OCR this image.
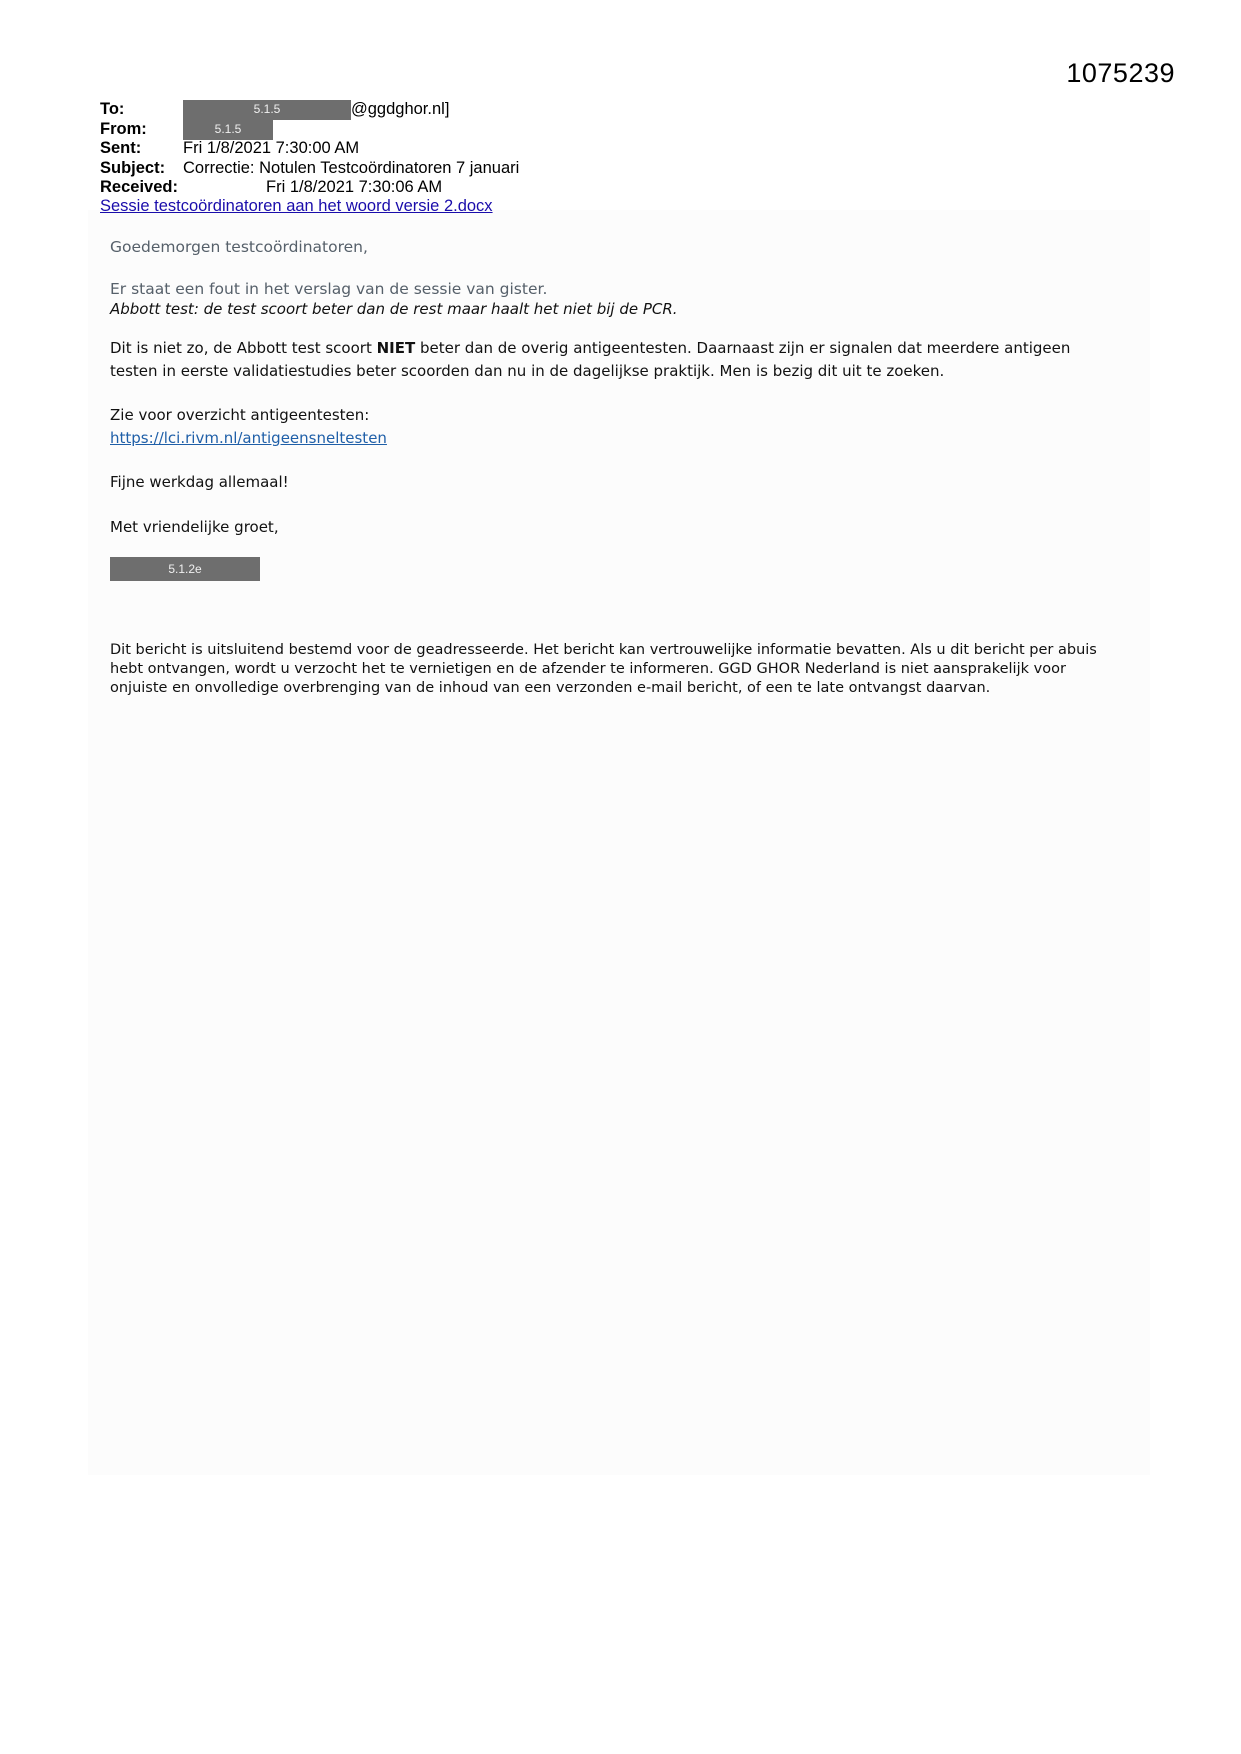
1075239
To:	5.1.5	@ggdghor.nl]
From:	5.1.5
Sent:	Fri 1/8/2021 7:30:00 AM
Subject: Correctie: Notulen Testcoördinatoren 7 januari
Received:	Fri 1/8/2021 7:30:06 AM
Sessie testcoördinatoren aan het woord versie 2.docx

Goedemorgen testcoördinatoren,

Er staat een fout in het verslag van de sessie van gister.

Abbott test: de test scoort beter dan de rest maar haalt het niet bij de PCR.

Dit is niet zo, de Abbott test scoort NIET beter dan de overig antigeentesten. Daarnaast zijn er signalen dat meerdere antigeen testen in eerste validatiestudies beter scoorden dan nu in de dagelijkse praktijk. Men is bezig dit uit te zoeken.

Zie voor overzicht antigeentesten:

https://lci.rivm.nl/antigeensneltesten

Fijne werkdag allemaal!

Met vriendelijke groet,

5.1.2e

Dit bericht is uitsluitend bestemd voor de geadresseerde. Het bericht kan vertrouwelijke informatie bevatten. Als u dit bericht per abuis hebt ontvangen, wordt u verzocht het te vernietigen en de afzender te informeren. GGD GHOR Nederland is niet aansprakelijk voor onjuiste en onvolledige overbrenging van de inhoud van een verzonden e-mail bericht, of een te late ontvangst daarvan.
